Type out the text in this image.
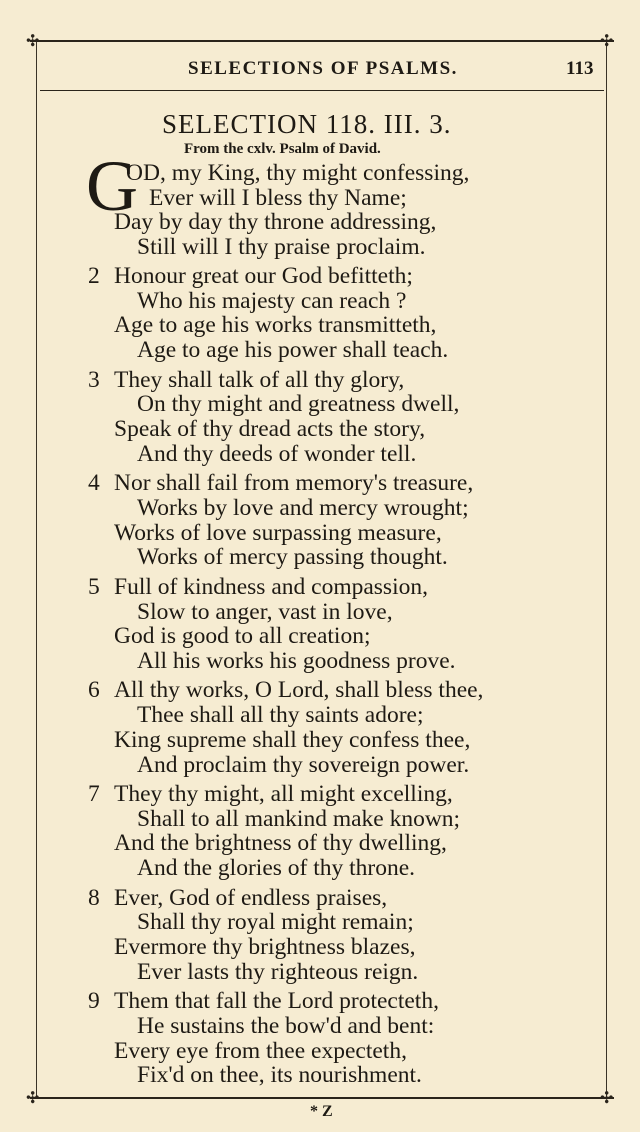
✣	✣
✣	✣
SELECTIONS OF PSALMS.	113
SELECTION 118. III. 3.
From the cxlv. Psalm of David.
G
OD, my King, thy might confessing,
Ever will I bless thy Name;
Day by day thy throne addressing,
Still will I thy praise proclaim.
2 Honour great our God befitteth;
Who his majesty can reach ?
Age to age his works transmitteth,
Age to age his power shall teach.
3 They shall talk of all thy glory,
On thy might and greatness dwell,
Speak of thy dread acts the story,
And thy deeds of wonder tell.
4 Nor shall fail from memory's treasure,
Works by love and mercy wrought;
Works of love surpassing measure,
Works of mercy passing thought.
5 Full of kindness and compassion,
Slow to anger, vast in love,
God is good to all creation;
All his works his goodness prove.
6 All thy works, O Lord, shall bless thee,
Thee shall all thy saints adore;
King supreme shall they confess thee,
And proclaim thy sovereign power.
7 They thy might, all might excelling,
Shall to all mankind make known;
And the brightness of thy dwelling,
And the glories of thy throne.
8 Ever, God of endless praises,
Shall thy royal might remain;
Evermore thy brightness blazes,
Ever lasts thy righteous reign.
9 Them that fall the Lord protecteth,
He sustains the bow'd and bent:
Every eye from thee expecteth,
Fix'd on thee, its nourishment.
* Z
